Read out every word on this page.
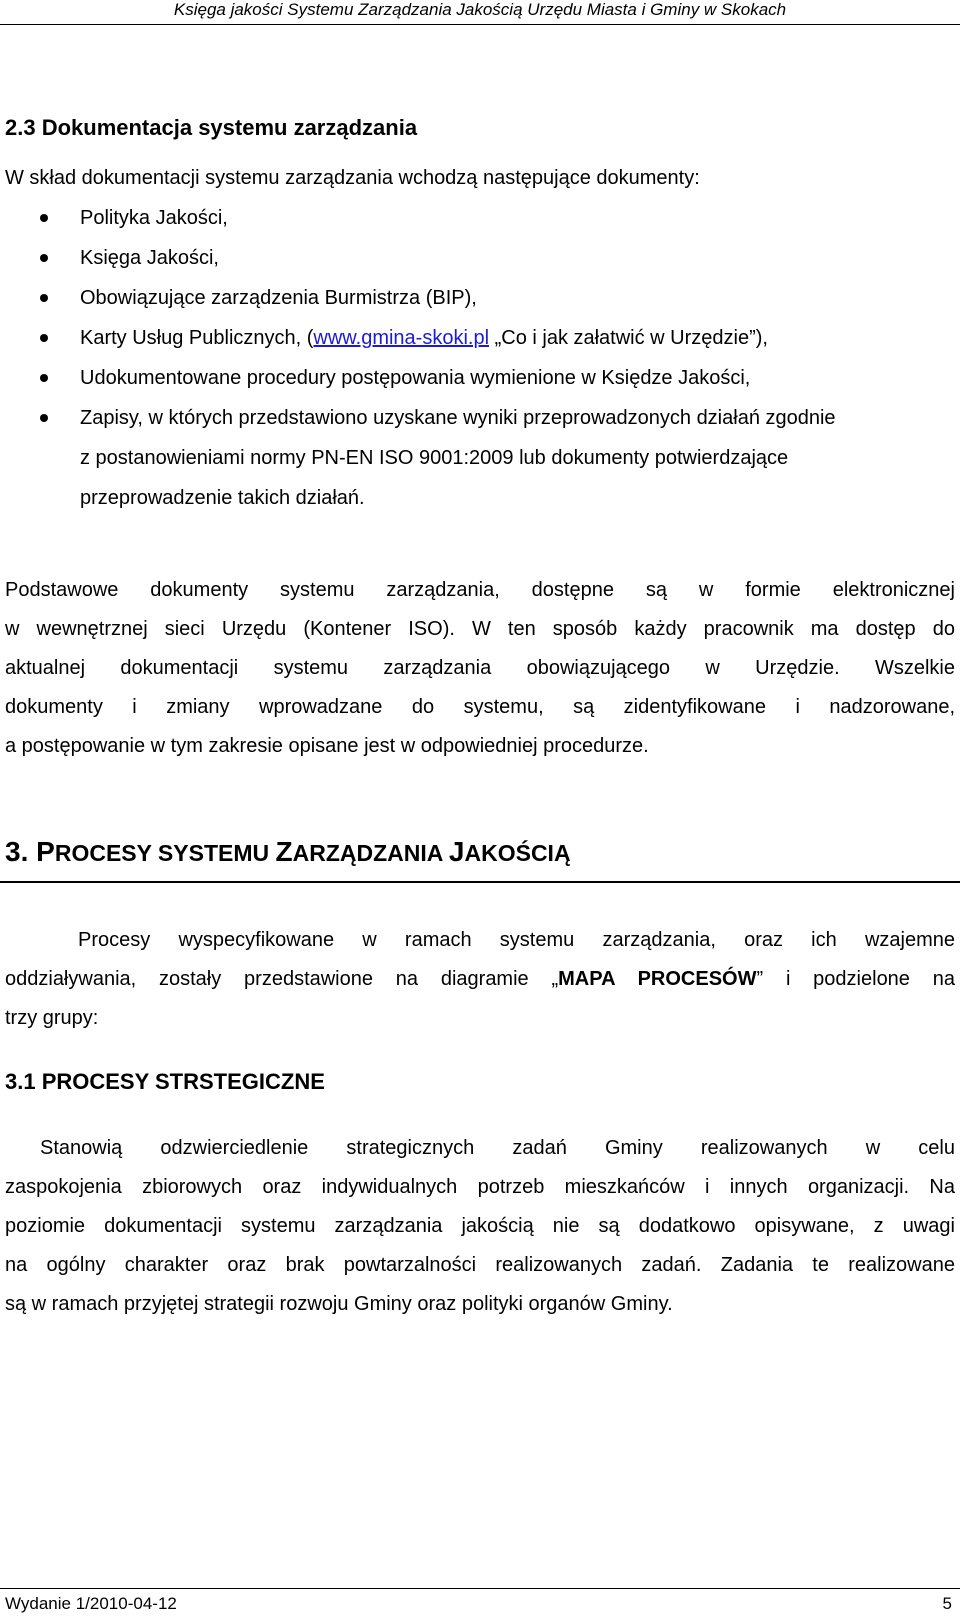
Księga jakości Systemu Zarządzania Jakością Urzędu Miasta i Gminy w Skokach
2.3 Dokumentacja systemu zarządzania
W skład dokumentacji systemu zarządzania wchodzą następujące dokumenty:
Polityka Jakości,
Księga Jakości,
Obowiązujące zarządzenia Burmistrza (BIP),
Karty Usług Publicznych, (www.gmina-skoki.pl „Co i jak załatwić w Urzędzie”),
Udokumentowane procedury postępowania wymienione w Księdze Jakości,
Zapisy, w których przedstawiono uzyskane wyniki przeprowadzonych działań zgodnie
z postanowieniami normy PN-EN ISO 9001:2009 lub dokumenty potwierdzające
przeprowadzenie takich działań.
Podstawowe dokumenty systemu zarządzania, dostępne są w formie elektronicznej
w wewnętrznej sieci Urzędu (Kontener ISO). W ten sposób każdy pracownik ma dostęp do
aktualnej dokumentacji systemu zarządzania obowiązującego w Urzędzie. Wszelkie
dokumenty i zmiany wprowadzane do systemu, są zidentyfikowane i nadzorowane,
a postępowanie w tym zakresie opisane jest w odpowiedniej procedurze.
3. PROCESY SYSTEMU ZARZĄDZANIA JAKOŚCIĄ
Procesy wyspecyfikowane w ramach systemu zarządzania, oraz ich wzajemne
oddziaływania, zostały przedstawione na diagramie „MAPA PROCESÓW” i podzielone na
trzy grupy:
3.1 PROCESY STRSTEGICZNE
Stanowią odzwierciedlenie strategicznych zadań Gminy realizowanych w celu
zaspokojenia zbiorowych oraz indywidualnych potrzeb mieszkańców i innych organizacji. Na
poziomie dokumentacji systemu zarządzania jakością nie są dodatkowo opisywane, z uwagi
na ogólny charakter oraz brak powtarzalności realizowanych zadań. Zadania te realizowane
są w ramach przyjętej strategii rozwoju Gminy oraz polityki organów Gminy.
Wydanie 1/2010-04-12	5
